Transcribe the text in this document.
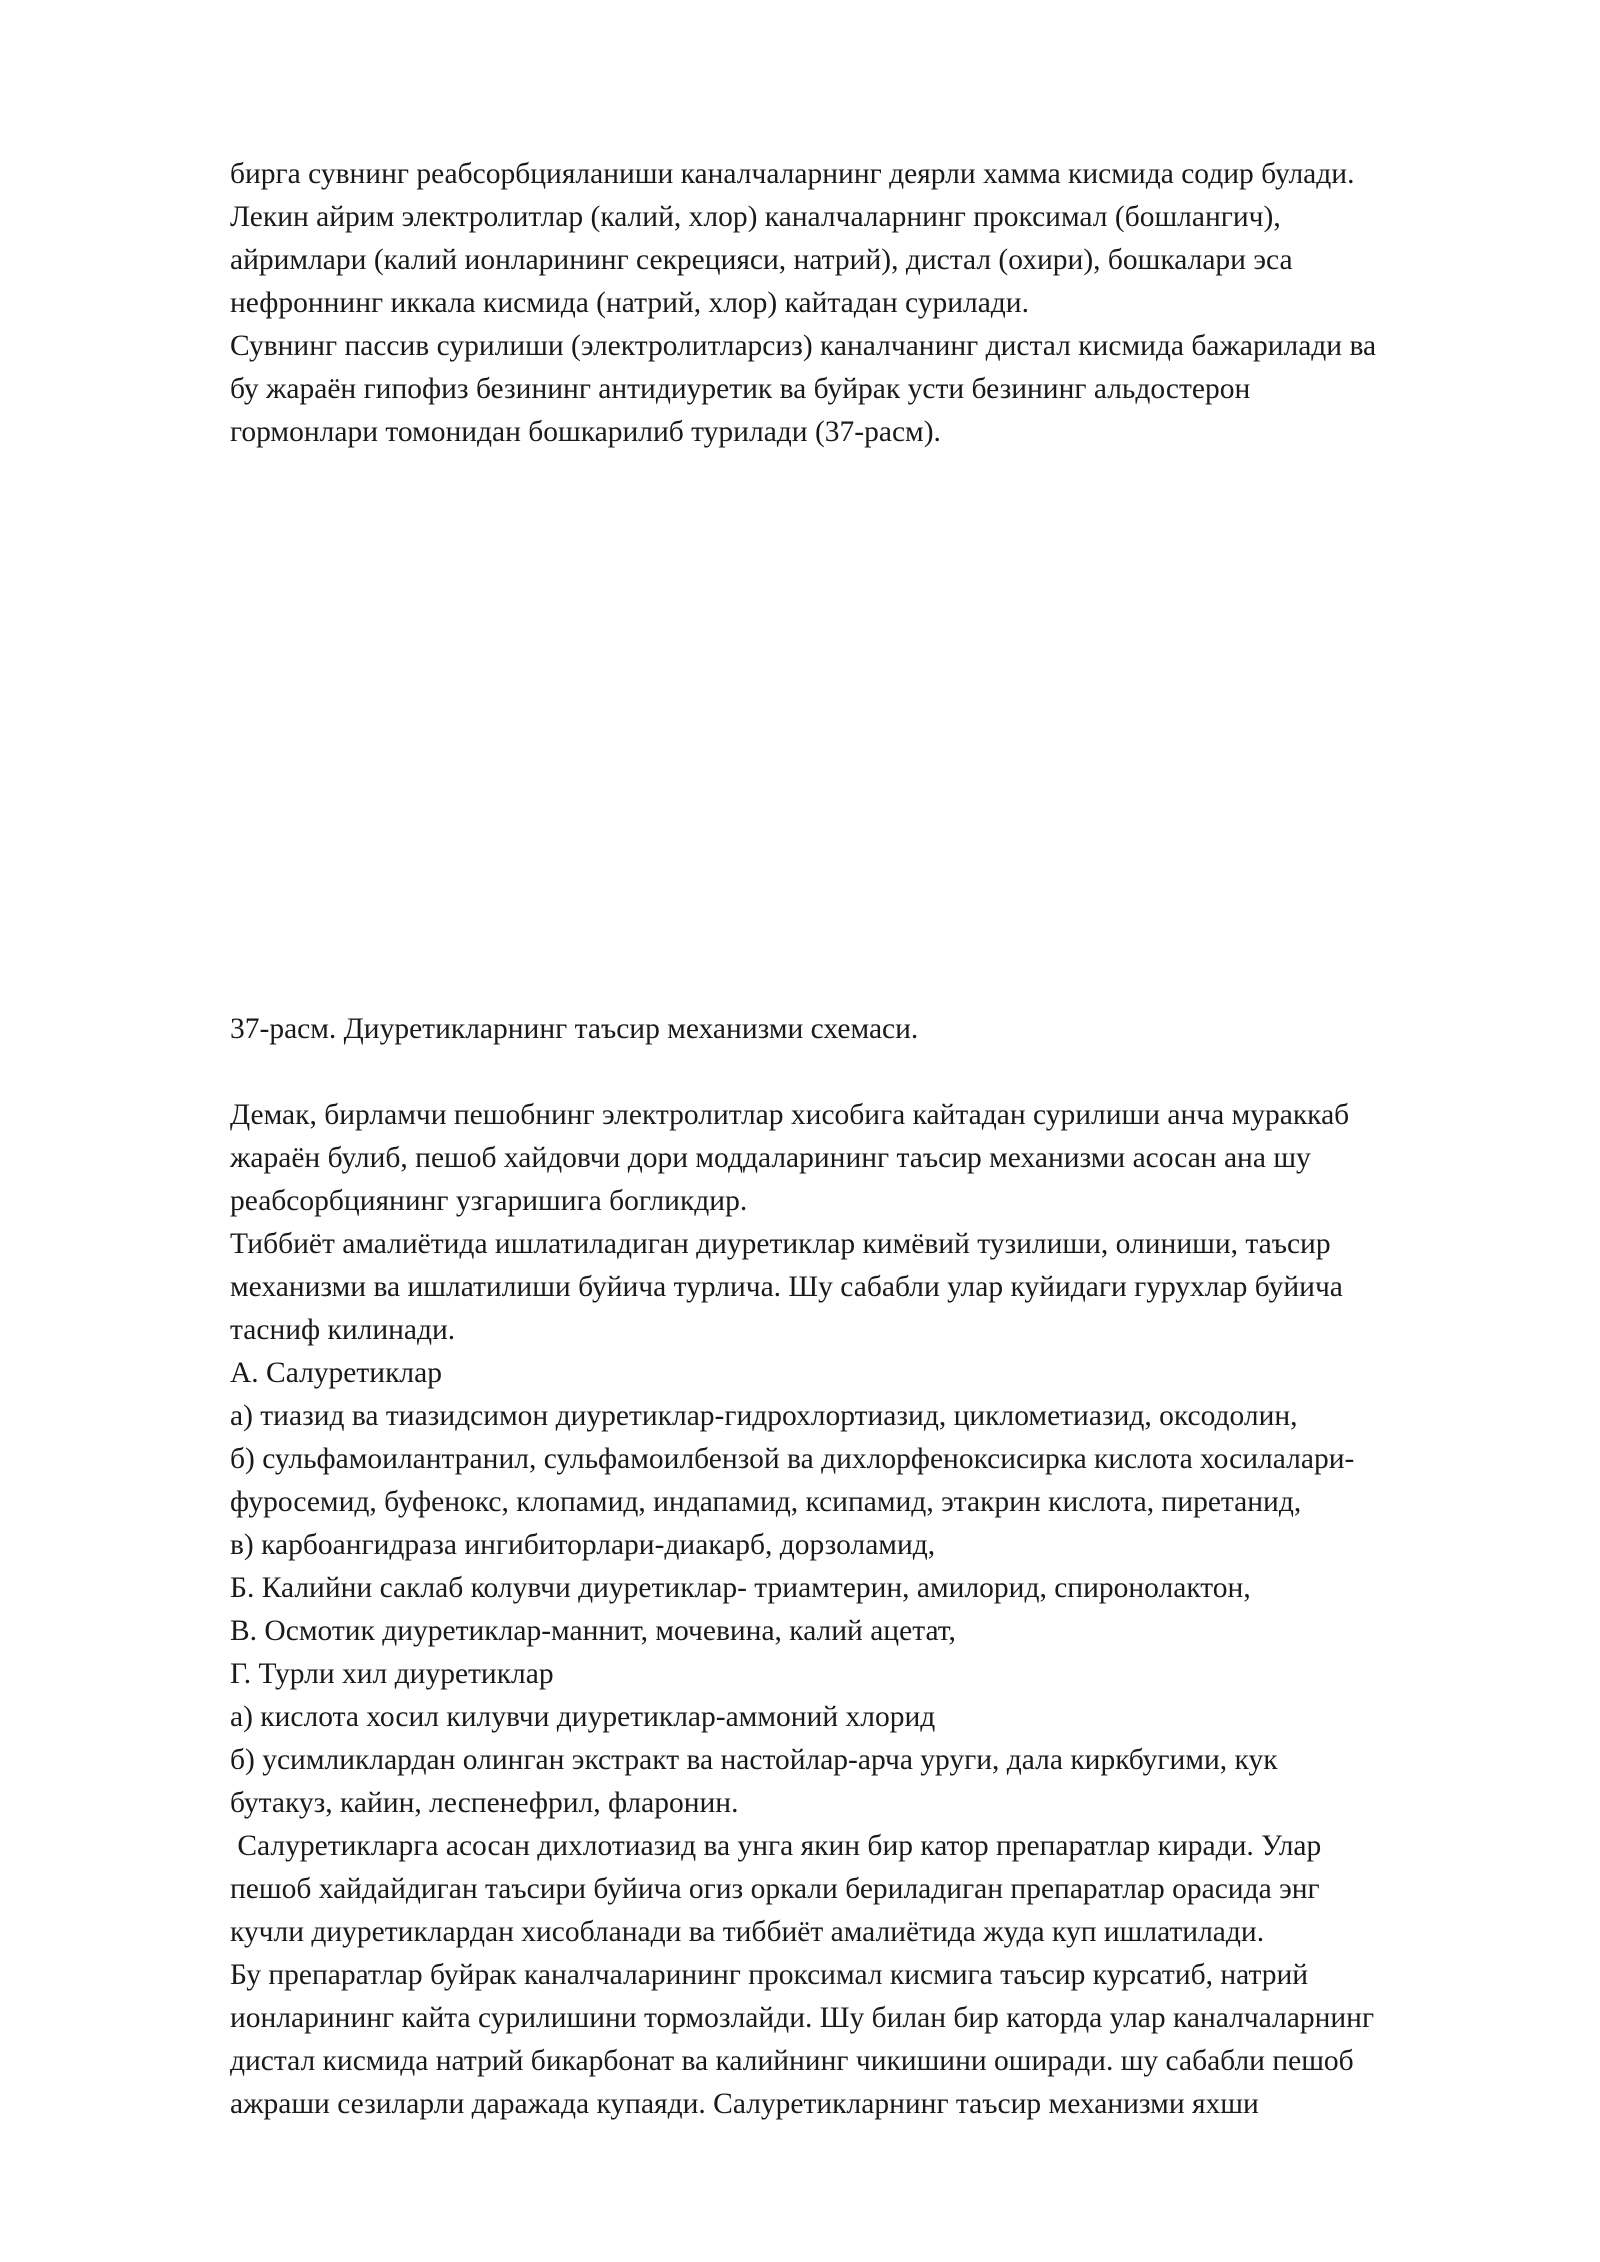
бирга сувнинг реабсорбцияланиши каналчаларнинг деярли хамма кисмида содир булади.
Лекин айрим электролитлар (калий, хлор) каналчаларнинг проксимал (бошлангич),
айримлари (калий ионларининг секрецияси, натрий), дистал (охири), бошкалари эса
нефроннинг иккала кисмида (натрий, хлор) кайтадан сурилади.
Сувнинг пассив сурилиши (электролитларсиз) каналчанинг дистал кисмида бажарилади ва
бу жараён гипофиз безининг антидиуретик ва буйрак усти безининг альдостерон
гормонлари томонидан бошкарилиб турилади (37-расм).
37-расм. Диуретикларнинг таъсир механизми схемаси.
Демак, бирламчи пешобнинг электролитлар хисобига кайтадан сурилиши анча мураккаб
жараён булиб, пешоб хайдовчи дори моддаларининг таъсир механизми асосан ана шу
реабсорбциянинг узгаришига богликдир.
Тиббиёт амалиётида ишлатиладиган диуретиклар кимёвий тузилиши, олиниши, таъсир
механизми ва ишлатилиши буйича турлича. Шу сабабли улар куйидаги гурухлар буйича
тасниф килинади.
А. Салуретиклар
а) тиазид ва тиазидсимон диуретиклар-гидрохлортиазид, циклометиазид, оксодолин,
б) сульфамоилантранил, сульфамоилбензой ва дихлорфеноксисирка кислота хосилалари-
фуросемид, буфенокс, клопамид, индапамид, ксипамид, этакрин кислота, пиретанид,
в) карбоангидраза ингибиторлари-диакарб, дорзоламид,
Б. Калийни саклаб колувчи диуретиклар- триамтерин, амилорид, спиронолактон,
В. Осмотик диуретиклар-маннит, мочевина, калий ацетат,
Г. Турли хил диуретиклар
а) кислота хосил килувчи диуретиклар-аммоний хлорид
б) усимликлардан олинган экстракт ва настойлар-арча уруги, дала киркбугими, кук
бутакуз, кайин, леспенефрил, фларонин.
Салуретикларга асосан дихлотиазид ва унга якин бир катор препаратлар киради. Улар
пешоб хайдайдиган таъсири буйича огиз оркали бериладиган препаратлар орасида энг
кучли диуретиклардан хисобланади ва тиббиёт амалиётида жуда куп ишлатилади.
Бу препаратлар буйрак каналчаларининг проксимал кисмига таъсир курсатиб, натрий
ионларининг кайта сурилишини тормозлайди. Шу билан бир каторда улар каналчаларнинг
дистал кисмида натрий бикарбонат ва калийнинг чикишини оширади. шу сабабли пешоб
ажраши сезиларли даражада купаяди. Салуретикларнинг таъсир механизми яхши
